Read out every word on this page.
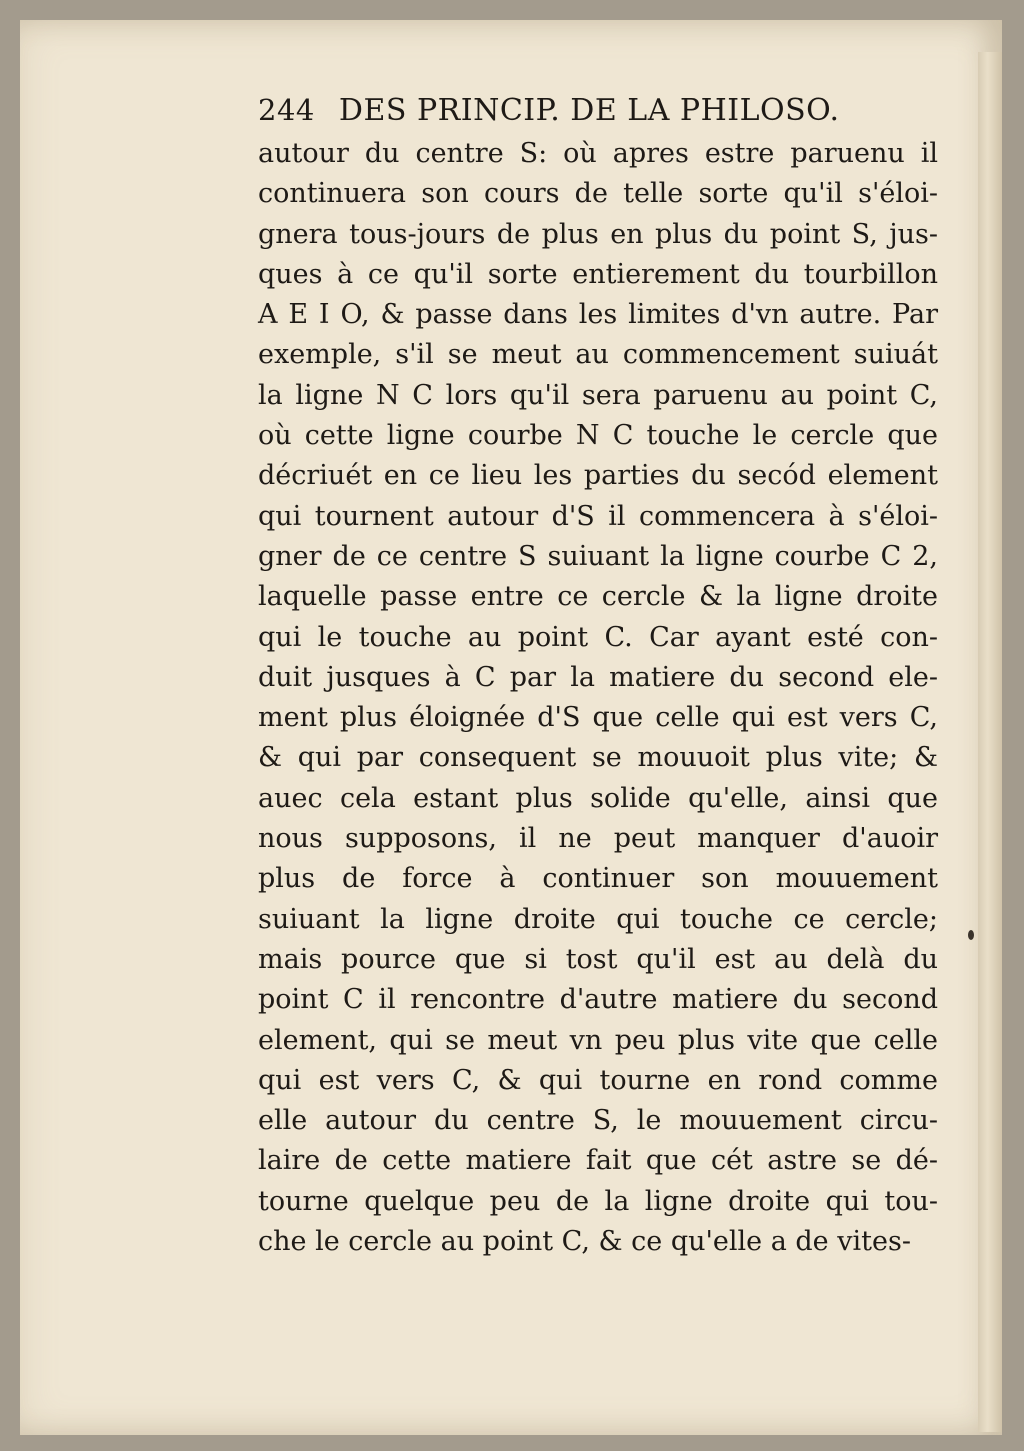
244 DES PRINCIP. DE LA PHILOSO.
autour du centre S: où apres estre paruenu il
continuera son cours de telle sorte qu'il s'éloi-
gnera tous-jours de plus en plus du point S, jus-
ques à ce qu'il sorte entierement du tourbillon
A E I O, & passe dans les limites d'vn autre. Par
exemple, s'il se meut au commencement suiuát
la ligne N C lors qu'il sera paruenu au point C,
où cette ligne courbe N C touche le cercle que
décriuét en ce lieu les parties du secód element
qui tournent autour d'S il commencera à s'éloi-
gner de ce centre S suiuant la ligne courbe C 2,
laquelle passe entre ce cercle & la ligne droite
qui le touche au point C. Car ayant esté con-
duit jusques à C par la matiere du second ele-
ment plus éloignée d'S que celle qui est vers C,
& qui par consequent se mouuoit plus vite; &
auec cela estant plus solide qu'elle, ainsi que
nous supposons, il ne peut manquer d'auoir
plus de force à continuer son mouuement
suiuant la ligne droite qui touche ce cercle;
mais pource que si tost qu'il est au delà du
point C il rencontre d'autre matiere du second
element, qui se meut vn peu plus vite que celle
qui est vers C, & qui tourne en rond comme
elle autour du centre S, le mouuement circu-
laire de cette matiere fait que cét astre se dé-
tourne quelque peu de la ligne droite qui tou-
che le cercle au point C, & ce qu'elle a de vites-
